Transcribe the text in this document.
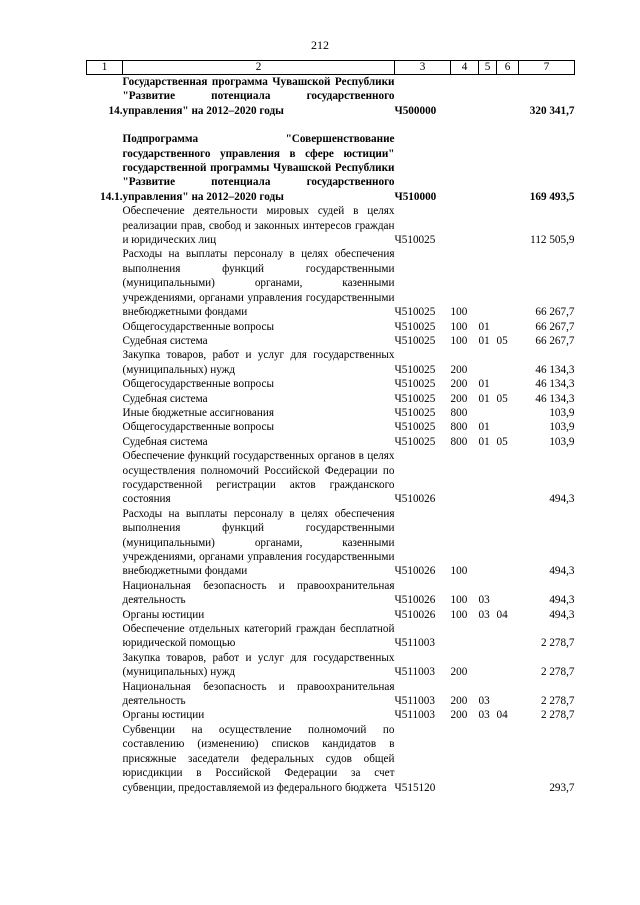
212
1	2	3	4	5	6	7
14.	Государственная программа Чувашской Республики "Развитие потенциала государственного управления" на 2012–2020 годы	Ч500000				320 341,7

14.1.	Подпрограмма "Совершенствование государственного управления в сфере юстиции" государственной программы Чувашской Республики "Развитие потенциала государственного управления" на 2012–2020 годы	Ч510000				169 493,5
	Обеспечение деятельности мировых судей в целях реализации прав, свобод и законных интересов граждан и юридических лиц	Ч510025				112 505,9
	Расходы на выплаты персоналу в целях обеспечения выполнения функций государственными (муниципальными) органами, казенными учреждениями, органами управления государственными внебюджетными фондами	Ч510025	100			66 267,7
	Общегосударственные вопросы	Ч510025	100	01		66 267,7
	Судебная система	Ч510025	100	01	05	66 267,7
	Закупка товаров, работ и услуг для государственных (муниципальных) нужд	Ч510025	200			46 134,3
	Общегосударственные вопросы	Ч510025	200	01		46 134,3
	Судебная система	Ч510025	200	01	05	46 134,3
	Иные бюджетные ассигнования	Ч510025	800			103,9
	Общегосударственные вопросы	Ч510025	800	01		103,9
	Судебная система	Ч510025	800	01	05	103,9
	Обеспечение функций государственных органов в целях осуществления полномочий Российской Федерации по государственной регистрации актов гражданского состояния	Ч510026				494,3
	Расходы на выплаты персоналу в целях обеспечения выполнения функций государственными (муниципальными) органами, казенными учреждениями, органами управления государственными внебюджетными фондами	Ч510026	100			494,3
	Национальная безопасность и правоохранительная деятельность	Ч510026	100	03		494,3
	Органы юстиции	Ч510026	100	03	04	494,3
	Обеспечение отдельных категорий граждан бесплатной юридической помощью	Ч511003				2 278,7
	Закупка товаров, работ и услуг для государственных (муниципальных) нужд	Ч511003	200			2 278,7
	Национальная безопасность и правоохранительная деятельность	Ч511003	200	03		2 278,7
	Органы юстиции	Ч511003	200	03	04	2 278,7
	Субвенции на осуществление полномочий по составлению (изменению) списков кандидатов в присяжные заседатели федеральных судов общей юрисдикции в Российской Федерации за счет субвенции, предоставляемой из федерального бюджета	Ч515120				293,7
